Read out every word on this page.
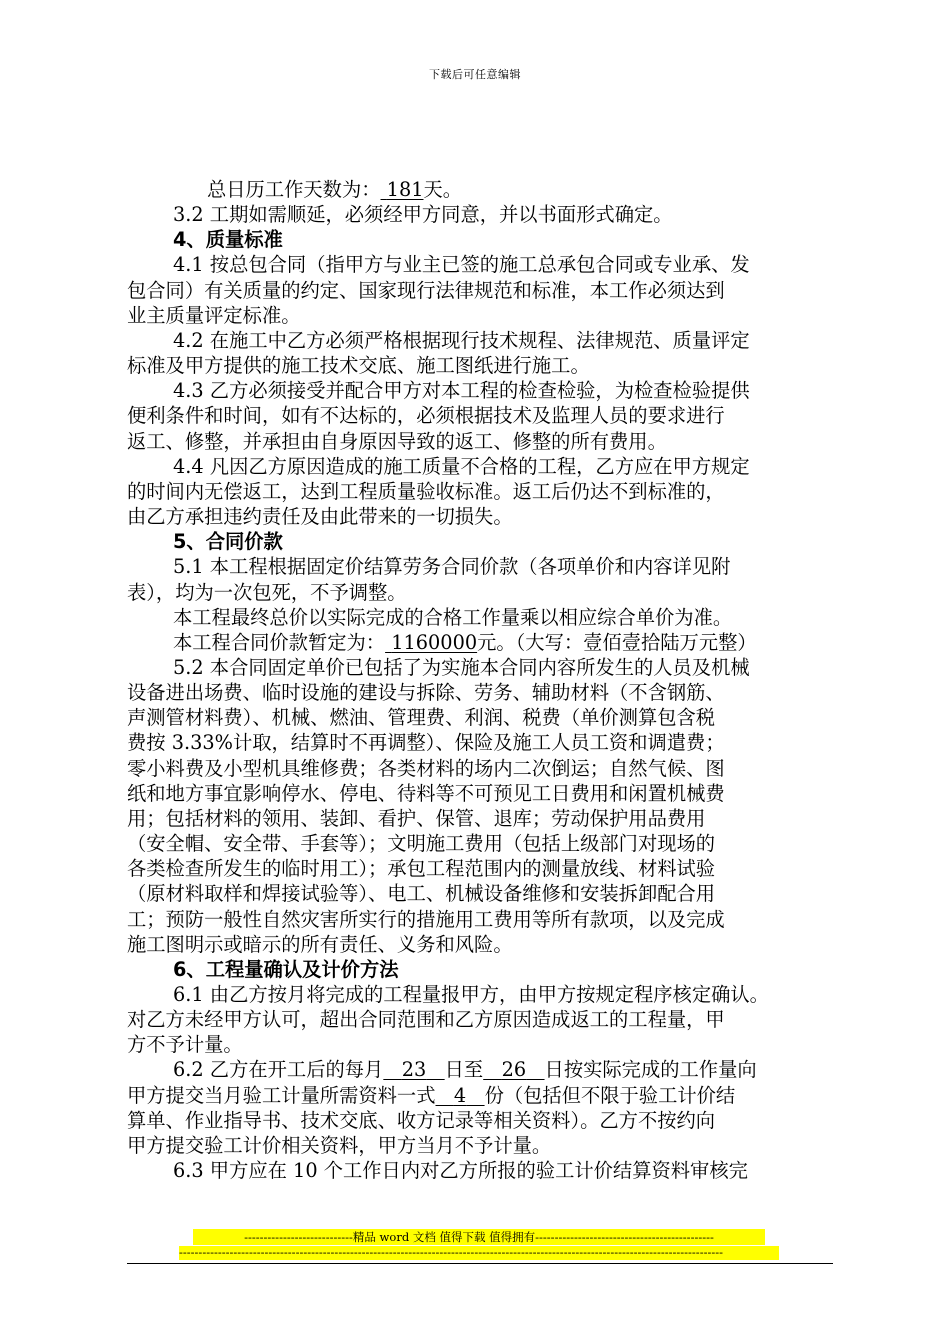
下载后可任意编辑

总日历工作天数为： 181天。

3.2 工期如需顺延，必须经甲方同意，并以书面形式确定。

4、质量标准

4.1 按总包合同（指甲方与业主已签的施工总承包合同或专业承、发

包合同）有关质量的约定、国家现行法律规范和标准，本工作必须达到

业主质量评定标准。

4.2 在施工中乙方必须严格根据现行技术规程、法律规范、质量评定

标准及甲方提供的施工技术交底、施工图纸进行施工。

4.3 乙方必须接受并配合甲方对本工程的检查检验，为检查检验提供

便利条件和时间，如有不达标的，必须根据技术及监理人员的要求进行

返工、修整，并承担由自身原因导致的返工、修整的所有费用。

4.4 凡因乙方原因造成的施工质量不合格的工程，乙方应在甲方规定

的时间内无偿返工，达到工程质量验收标准。返工后仍达不到标准的，

由乙方承担违约责任及由此带来的一切损失。

5、合同价款

5.1 本工程根据固定价结算劳务合同价款（各项单价和内容详见附

表），均为一次包死，不予调整。

本工程最终总价以实际完成的合格工作量乘以相应综合单价为准。

本工程合同价款暂定为： 1160000元。（大写：壹佰壹拾陆万元整）

5.2 本合同固定单价已包括了为实施本合同内容所发生的人员及机械

设备进出场费、临时设施的建设与拆除、劳务、辅助材料（不含钢筋、

声测管材料费）、机械、燃油、管理费、利润、税费（单价测算包含税

费按 3.33%计取，结算时不再调整）、保险及施工人员工资和调遣费；

零小料费及小型机具维修费；各类材料的场内二次倒运；自然气候、图

纸和地方事宜影响停水、停电、待料等不可预见工日费用和闲置机械费

用；包括材料的领用、装卸、看护、保管、退库；劳动保护用品费用

（安全帽、安全带、手套等）；文明施工费用（包括上级部门对现场的

各类检查所发生的临时用工）；承包工程范围内的测量放线、材料试验

（原材料取样和焊接试验等）、电工、机械设备维修和安装拆卸配合用

工；预防一般性自然灾害所实行的措施用工费用等所有款项，以及完成

施工图明示或暗示的所有责任、义务和风险。

6、工程量确认及计价方法

6.1 由乙方按月将完成的工程量报甲方，由甲方按规定程序核定确认。

对乙方未经甲方认可，超出合同范围和乙方原因造成返工的工程量，甲

方不予计量。

6.2 乙方在开工后的每月 23 日至 26 日按实际完成的工作量向

甲方提交当月验工计量所需资料一式 4 份（包括但不限于验工计价结

算单、作业指导书、技术交底、收方记录等相关资料）。乙方不按约向

甲方提交验工计价相关资料，甲方当月不予计量。

6.3 甲方应在 10 个工作日内对乙方所报的验工计价结算资料审核完

----------------------------精品 word 文档 值得下载 值得拥有----------------------------------------------
--------------------------------------------------------------------------------------------------------------------------------------------
